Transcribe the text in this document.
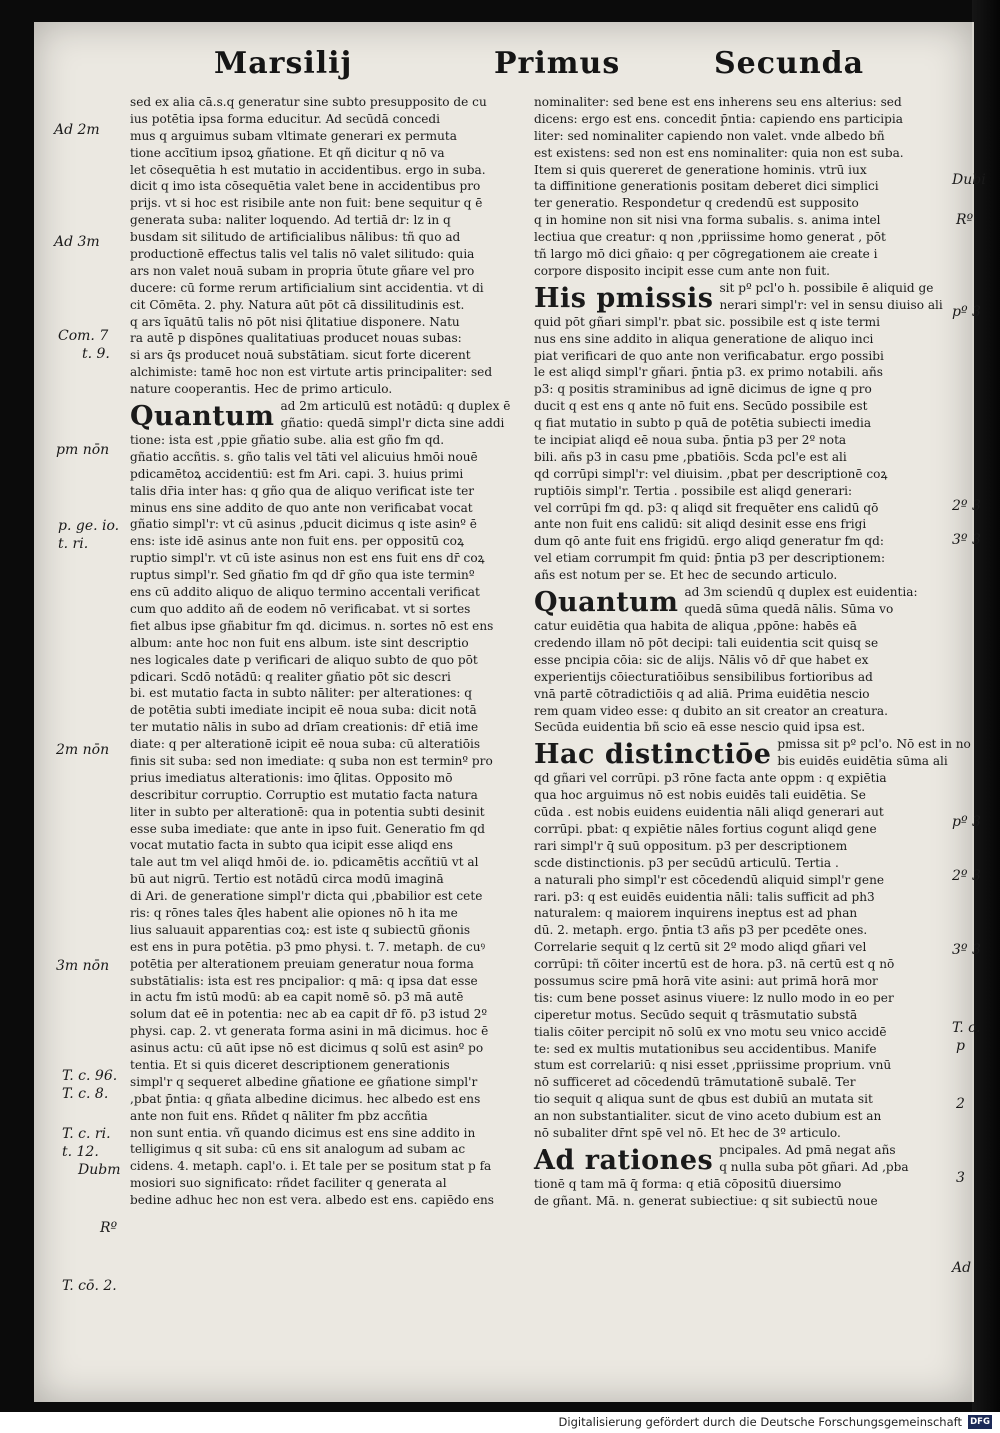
Marsilij	Primus	Secunda
sed ex alia cā.s.q generatur sine subto presupposito de cu
ius potētia ipsa forma educitur. Ad secūdā concedi
mus q arguimus subam vltimate generari ex permuta
tione accītium ipsoꝝ gñatione. Et qñ dicitur q nō va
let cōsequētia h est mutatio in accidentibus. ergo in suba.
dicit q imo ista cōsequētia valet bene in accidentibus pro
prijs. vt si hoc est risibile ante non fuit: bene sequitur q ē
generata suba: naliter loquendo. Ad tertiā dr: lz in q
busdam sit silitudo de artificialibus nālibus: tñ quo ad
productionē effectus talis vel talis nō valet silitudo: quia
ars non valet nouā subam in propria ῡtute gñare vel pro
ducere: cū forme rerum artificialium sint accidentia. vt di
cit Cōmēta. 2. phy. Natura aūt pōt cā dissilitudinis est.
q ars īquātū talis nō pōt nisi q̄litatiue disponere. Natu
ra autē p dispōnes qualitatiuas producet nouas subas:
si ars q̄s producet nouā substātiam. sicut forte dicerent
alchimiste: tamē hoc non est virtute artis principaliter: sed
nature cooperantis. Hec de primo articulo.
Quantum ad 2m articulū est notādū: q duplex ē
gñatio: quedā simpl'r dicta sine addi
tione: ista est ,ppie gñatio sube. alia est gño fm qd.
gñatio accñtis. s. gño talis vel tāti vel alicuius hmōi nouē
pdicamētoꝝ accidentiū: est fm Ari. capi. 3. huius primi
talis dr̄ia inter has: q gño qua de aliquo verificat iste ter
minus ens sine addito de quo ante non verificabat vocat
gñatio simpl'r: vt cū asinus ,pducit dicimus q iste asinº ē
ens: iste idē asinus ante non fuit ens. per oppositū coꝝ
ruptio simpl'r. vt cū iste asinus non est ens fuit ens dr̄ coꝝ
ruptus simpl'r. Sed gñatio fm qd dr̄ gño qua iste terminº
ens cū addito aliquo de aliquo termino accentali verificat
cum quo addito añ de eodem nō verificabat. vt si sortes
fiet albus ipse gñabitur fm qd. dicimus. n. sortes nō est ens
album: ante hoc non fuit ens album. iste sint descriptio
nes logicales date p verificari de aliquo subto de quo pōt
pdicari. Scdō notādū: q realiter gñatio pōt sic descri
bi. est mutatio facta in subto nāliter: per alterationes: q
de potētia subti imediate incipit eē noua suba: dicit notā
ter mutatio nālis in subo ad drīam creationis: dr̄ etiā ime
diate: q per alterationē icipit eē noua suba: cū alteratiōis
finis sit suba: sed non imediate: q suba non est terminº pro
prius imediatus alterationis: imo q̄litas. Opposito mō
describitur corruptio. Corruptio est mutatio facta natura
liter in subto per alterationē: qua in potentia subti desinit
esse suba imediate: que ante in ipso fuit. Generatio fm qd
vocat mutatio facta in subto qua icipit esse aliqd ens
tale aut tm vel aliqd hmōi de. io. pdicamētis accñtiū vt al
bū aut nigrū. Tertio est notādū circa modū imaginā
di Ari. de generatione simpl'r dicta qui ,pbabilior est cete
ris: q rōnes tales q̄les habent alie opiones nō h ita me
lius saluauit apparentias coꝝ: est iste q subiectū gñonis
est ens in pura potētia. p3 pmo physi. t. 7. metaph. de cuꝰ
potētia per alterationem preuiam generatur noua forma
substātialis: ista est res pncipalior: q mā: q ipsa dat esse
in actu fm istū modū: ab ea capit nomē sō. p3 mā autē
solum dat eē in potentia: nec ab ea capit dr̄ fō. p3 istud 2º
physi. cap. 2. vt generata forma asini in mā dicimus. hoc ē
asinus actu: cū aūt ipse nō est dicimus q solū est asinº po
tentia. Et si quis diceret descriptionem generationis
simpl'r q sequeret albedine gñatione ee gñatione simpl'r
,pbat p̄ntia: q gñata albedine dicimus. hec albedo est ens
ante non fuit ens. Rñdet q nāliter fm pbz accñtia
non sunt entia. vñ quando dicimus est ens sine addito in
telligimus q sit suba: cū ens sit analogum ad subam ac
cidens. 4. metaph. capl'o. i. Et tale per se positum stat p fa
mosiori suo significato: rñdet faciliter q generata al
bedine adhuc hec non est vera. albedo est ens. capiēdo ens
nominaliter: sed bene est ens inherens seu ens alterius: sed
dicens: ergo est ens. concedit p̄ntia: capiendo ens participia
liter: sed nominaliter capiendo non valet. vnde albedo bñ
est existens: sed non est ens nominaliter: quia non est suba.
Item si quis quereret de generatione hominis. vtrū iux
ta diffinitione generationis positam deberet dici simplici
ter generatio. Respondetur q credendū est supposito
q in homine non sit nisi vna forma subalis. s. anima intel
lectiua que creatur: q non ,ppriissime homo generat , pōt
tñ largo mō dici gñaio: q per cōgregationem aie create i
corpore disposito incipit esse cum ante non fuit.
His pmissis sit pº pcl'o h. possibile ē aliquid ge
nerari simpl'r: vel in sensu diuiso ali
quid pōt gñari simpl'r. pbat sic. possibile est q iste termi
nus ens sine addito in aliqua generatione de aliquo inci
piat verificari de quo ante non verificabatur. ergo possibi
le est aliqd simpl'r gñari. p̄ntia p3. ex primo notabili. añs
p3: q positis straminibus ad ignē dicimus de igne q pro
ducit q est ens q ante nō fuit ens. Secūdo possibile est
q fiat mutatio in subto p quā de potētia subiecti imedia
te incipiat aliqd eē noua suba. p̄ntia p3 per 2º nota
bili. añs p3 in casu pme ,pbatiōis. Scda pcl'e est ali
qd corrūpi simpl'r: vel diuisim. ,pbat per descriptionē coꝝ
ruptiōis simpl'r. Tertia . possibile est aliqd generari:
vel corrūpi fm qd. p3: q aliqd sit frequēter ens calidū qō
ante non fuit ens calidū: sit aliqd desinit esse ens frigi
dum qō ante fuit ens frigidū. ergo aliqd generatur fm qd:
vel etiam corrumpit fm quid: p̄ntia p3 per descriptionem:
añs est notum per se. Et hec de secundo articulo.
Quantum ad 3m sciendū q duplex est euidentia:
quedā sūma quedā nālis. Sūma vo
catur euidētia qua habita de aliqua ,ppōne: habēs eā
credendo illam nō pōt decipi: tali euidentia scit quisq se
esse pncipia cōia: sic de alijs. Nālis vō dr̄ que habet ex
experientijs cōiecturatiōibus sensibilibus fortioribus ad
vnā partē cōtradictiōis q ad aliā. Prima euidētia nescio
rem quam video esse: q dubito an sit creator an creatura.
Secūda euidentia bñ scio eā esse nescio quid ipsa est.
Hac distinctiōe pmissa sit pº pcl'o. Nō est in no
bis euidēs euidētia sūma ali
qd gñari vel corrūpi. p3 rōne facta ante oppm : q expiētia
qua hoc arguimus nō est nobis euidēs tali euidētia. Se
cūda . est nobis euidens euidentia nāli aliqd generari aut
corrūpi. pbat: q expiētie nāles fortius cogunt aliqd gene
rari simpl'r q̄ suū oppositum. p3 per descriptionem
scde distinctionis. p3 per secūdū articulū. Tertia .
a naturali pho simpl'r est cōcedendū aliquid simpl'r gene
rari. p3: q est euidēs euidentia nāli: talis sufficit ad ph3
naturalem: q maiorem inquirens ineptus est ad phan
dū. 2. metaph. ergo. p̄ntia t3 añs p3 per pcedēte ones.
Correlarie sequit q lz certū sit 2º modo aliqd gñari vel
corrūpi: tñ cōiter incertū est de hora. p3. nā certū est q nō
possumus scire pmā horā vite asini: aut primā horā mor
tis: cum bene posset asinus viuere: lz nullo modo in eo per
ciperetur motus. Secūdo sequit q trāsmutatio substā
tialis cōiter percipit nō solū ex vno motu seu vnico accidē
te: sed ex multis mutationibus seu accidentibus. Manife
stum est correlariū: q nisi esset ,ppriissime proprium. vnū
nō sufficeret ad cōcedendū trāmutationē subalē. Ter
tio sequit q aliqua sunt de qbus est dubiū an mutata sit
an non substantialiter. sicut de vino aceto dubium est an
nō subaliter dr̄nt spē vel nō. Et hec de 3º articulo.
Ad rationes pncipales. Ad pmā negat añs
q nulla suba pōt gñari. Ad ,pba
tionē q tam mā q̄ forma: q etiā cōpositū diuersimo
de gñant. Mā. n. generat subiectiue: q sit subiectū noue
Ad 2m
Ad 3m
Com. 7
t. 9.
pm nōn
p. ge. io.
t. ri.
2m nōn
3m nōn
T. c. 96.
T. c. 8.
T. c. ri.
t. 12.
Dubm
Rº
T. cō. 2.
Dubi
Rº
pº 3
2º 3
3º 3
pº 3
2º 3
3º 3
T. c.
p
2
3
Ad
Digitalisierung gefördert durch die Deutsche Forschungsgemeinschaft DFG
